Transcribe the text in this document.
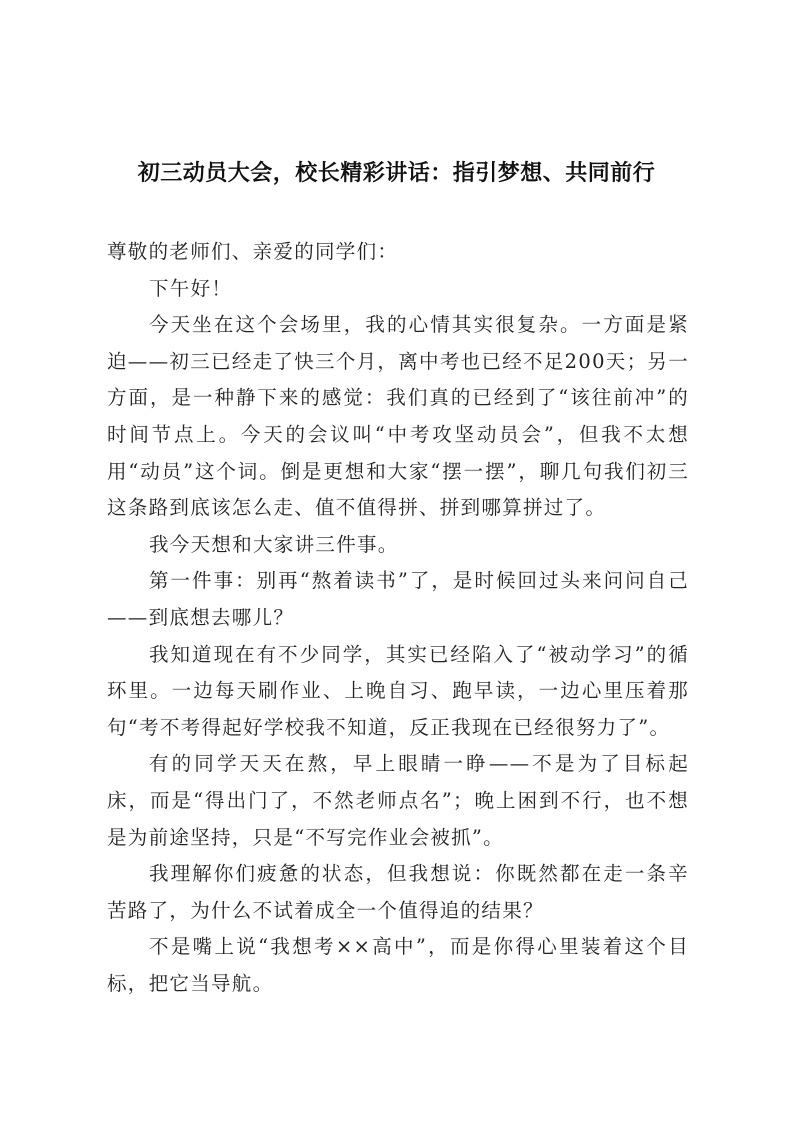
初三动员大会，校长精彩讲话：指引梦想、共同前行

尊敬的老师们、亲爱的同学们：

下午好！

今天坐在这个会场里，我的心情其实很复杂。一方面是紧迫——初三已经走了快三个月，离中考也已经不足200天；另一方面，是一种静下来的感觉：我们真的已经到了“该往前冲”的时间节点上。今天的会议叫“中考攻坚动员会”，但我不太想用“动员”这个词。倒是更想和大家“摆一摆”，聊几句我们初三这条路到底该怎么走、值不值得拼、拼到哪算拼过了。

我今天想和大家讲三件事。

第一件事：别再“熬着读书”了，是时候回过头来问问自己——到底想去哪儿？

我知道现在有不少同学，其实已经陷入了“被动学习”的循环里。一边每天刷作业、上晚自习、跑早读，一边心里压着那句“考不考得起好学校我不知道，反正我现在已经很努力了”。

有的同学天天在熬，早上眼睛一睁——不是为了目标起床，而是“得出门了，不然老师点名”；晚上困到不行，也不想是为前途坚持，只是“不写完作业会被抓”。

我理解你们疲惫的状态，但我想说：你既然都在走一条辛苦路了，为什么不试着成全一个值得追的结果？

不是嘴上说“我想考××高中”，而是你得心里装着这个目标，把它当导航。
